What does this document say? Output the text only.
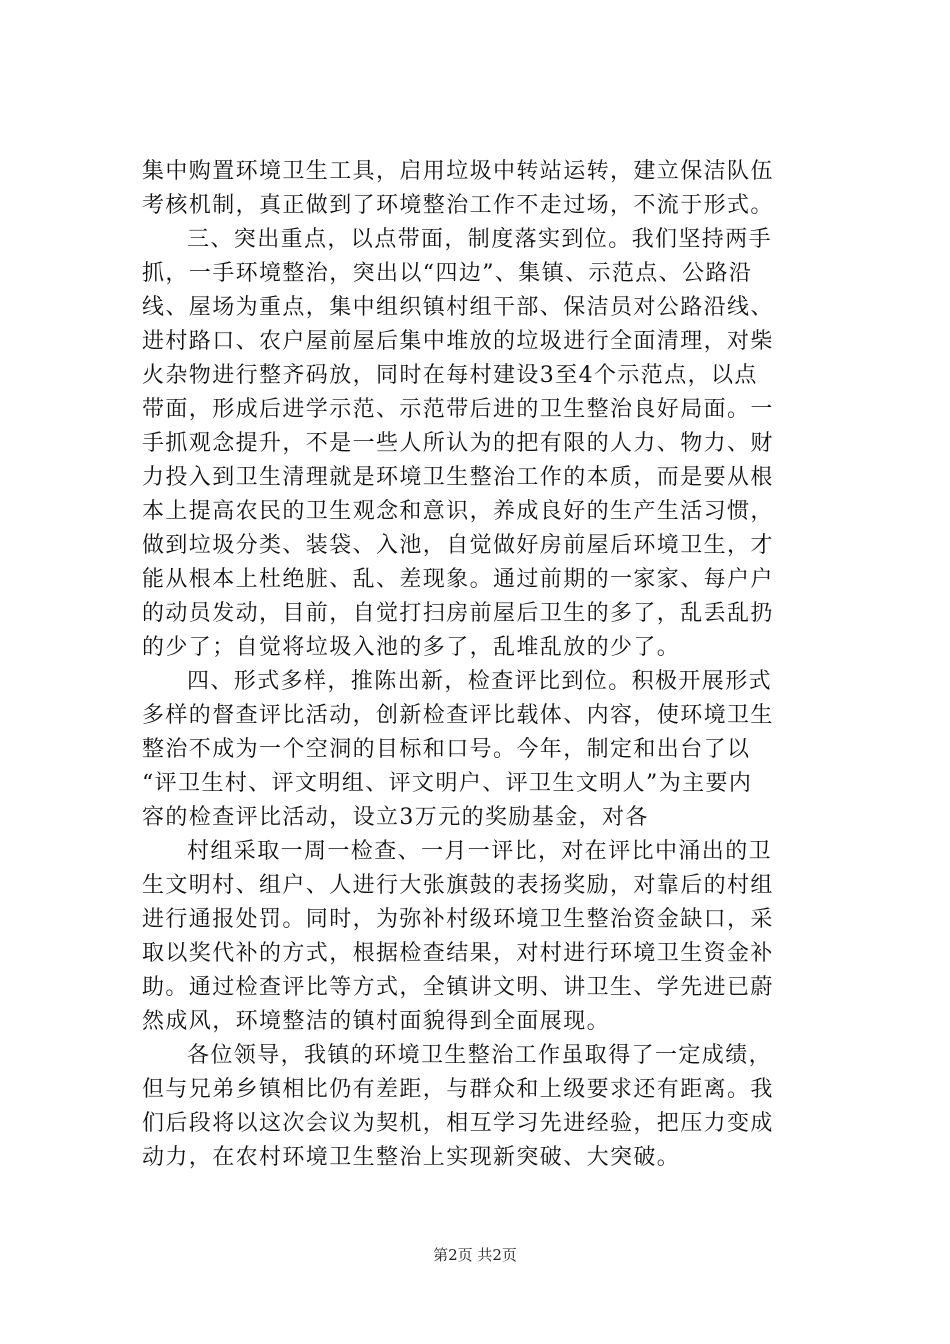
集中购置环境卫生工具，启用垃圾中转站运转，建立保洁队伍
考核机制，真正做到了环境整治工作不走过场，不流于形式。
三、突出重点，以点带面，制度落实到位。我们坚持两手
抓，一手环境整治，突出以“四边”、集镇、示范点、公路沿
线、屋场为重点，集中组织镇村组干部、保洁员对公路沿线、
进村路口、农户屋前屋后集中堆放的垃圾进行全面清理，对柴
火杂物进行整齐码放，同时在每村建设3至4个示范点，以点
带面，形成后进学示范、示范带后进的卫生整治良好局面。一
手抓观念提升，不是一些人所认为的把有限的人力、物力、财
力投入到卫生清理就是环境卫生整治工作的本质，而是要从根
本上提高农民的卫生观念和意识，养成良好的生产生活习惯，
做到垃圾分类、装袋、入池，自觉做好房前屋后环境卫生，才
能从根本上杜绝脏、乱、差现象。通过前期的一家家、每户户
的动员发动，目前，自觉打扫房前屋后卫生的多了，乱丢乱扔
的少了；自觉将垃圾入池的多了，乱堆乱放的少了。
四、形式多样，推陈出新，检查评比到位。积极开展形式
多样的督查评比活动，创新检查评比载体、内容，使环境卫生
整治不成为一个空洞的目标和口号。今年，制定和出台了以
“评卫生村、评文明组、评文明户、评卫生文明人”为主要内
容的检查评比活动，设立3万元的奖励基金，对各
村组采取一周一检查、一月一评比，对在评比中涌出的卫
生文明村、组户、人进行大张旗鼓的表扬奖励，对靠后的村组
进行通报处罚。同时，为弥补村级环境卫生整治资金缺口，采
取以奖代补的方式，根据检查结果，对村进行环境卫生资金补
助。通过检查评比等方式，全镇讲文明、讲卫生、学先进已蔚
然成风，环境整洁的镇村面貌得到全面展现。
各位领导，我镇的环境卫生整治工作虽取得了一定成绩，
但与兄弟乡镇相比仍有差距，与群众和上级要求还有距离。我
们后段将以这次会议为契机，相互学习先进经验，把压力变成
动力，在农村环境卫生整治上实现新突破、大突破。
第2页 共2页
